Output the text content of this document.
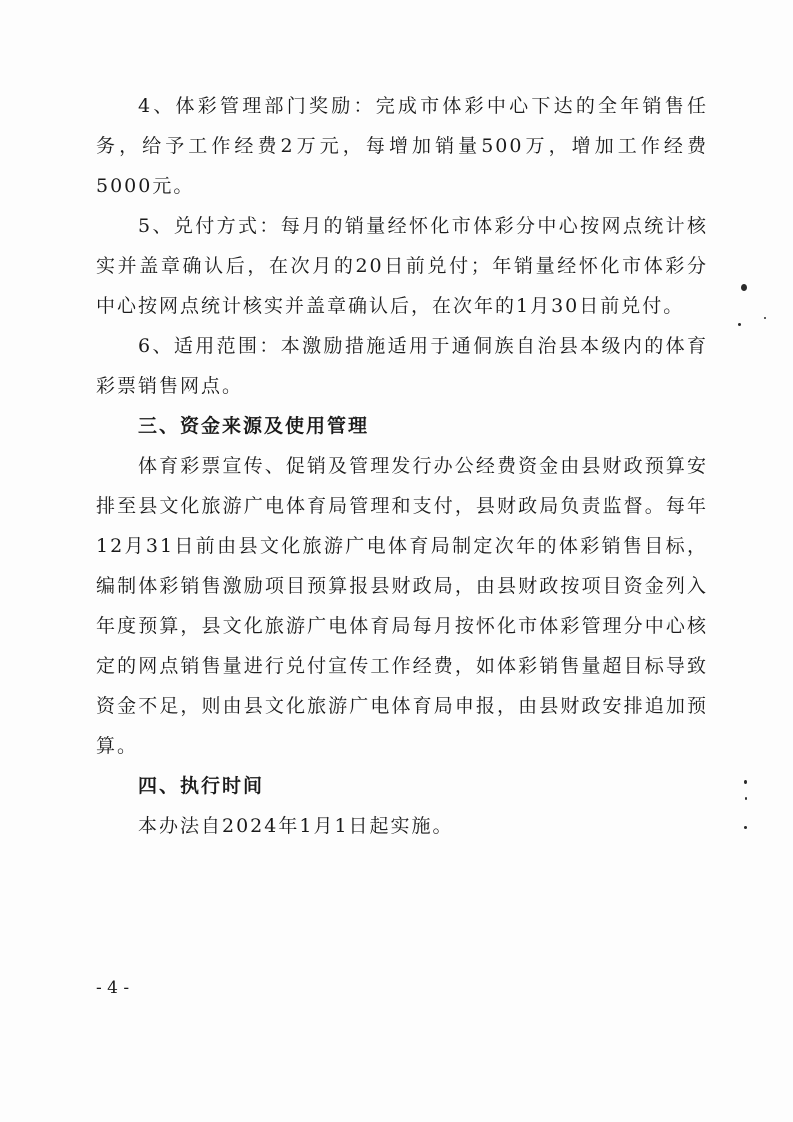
4、体彩管理部门奖励：完成市体彩中心下达的全年销售任务，给予工作经费2万元，每增加销量500万，增加工作经费5000元。

5、兑付方式：每月的销量经怀化市体彩分中心按网点统计核实并盖章确认后，在次月的20日前兑付；年销量经怀化市体彩分中心按网点统计核实并盖章确认后，在次年的1月30日前兑付。

6、适用范围：本激励措施适用于通侗族自治县本级内的体育彩票销售网点。

三、资金来源及使用管理

体育彩票宣传、促销及管理发行办公经费资金由县财政预算安排至县文化旅游广电体育局管理和支付，县财政局负责监督。每年12月31日前由县文化旅游广电体育局制定次年的体彩销售目标，编制体彩销售激励项目预算报县财政局，由县财政按项目资金列入年度预算，县文化旅游广电体育局每月按怀化市体彩管理分中心核定的网点销售量进行兑付宣传工作经费，如体彩销售量超目标导致资金不足，则由县文化旅游广电体育局申报，由县财政安排追加预算。

四、执行时间

本办法自2024年1月1日起实施。

- 4 -
